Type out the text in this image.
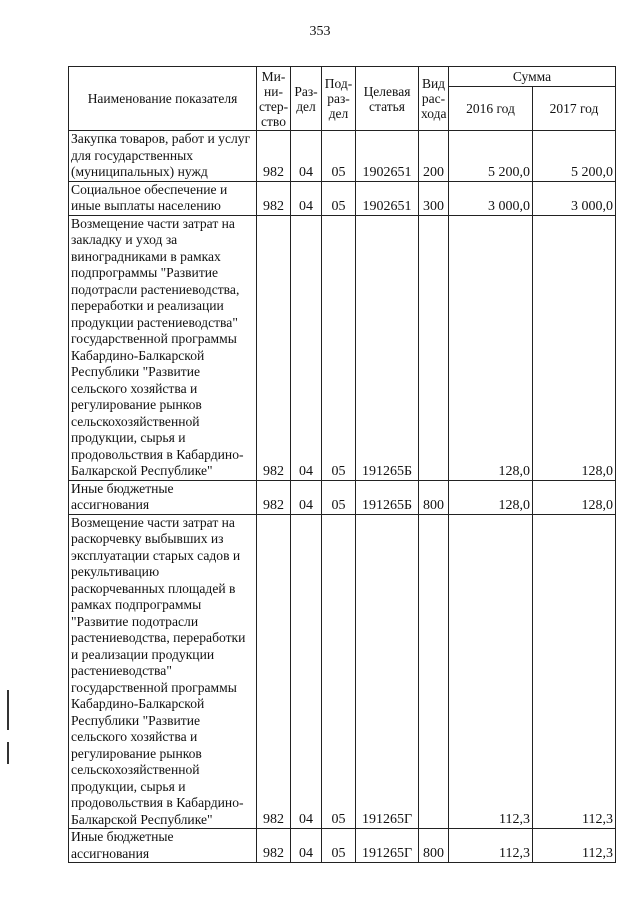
353
Наименование показателя	Ми-ни-стер-ство	Раз-дел	Под-раз-дел	Целевая статья	Вид рас-хода	Сумма	
						2016 год	2017 год
Закупка товаров, работ и услуг для государственных (муниципальных) нужд	982	04	05	1902651	200	5 200,0	5 200,0
Социальное обеспечение и иные выплаты населению	982	04	05	1902651	300	3 000,0	3 000,0
Возмещение части затрат на закладку и уход за виноградниками в рамках подпрограммы "Развитие подотрасли растениеводства, переработки и реализации продукции растениеводства" государственной программы Кабардино-Балкарской Республики "Развитие сельского хозяйства и регулирование рынков сельскохозяйственной продукции, сырья и продовольствия в Кабардино-Балкарской Республике"	982	04	05	191265Б		128,0	128,0
Иные бюджетные ассигнования	982	04	05	191265Б	800	128,0	128,0
Возмещение части затрат на раскорчевку выбывших из эксплуатации старых садов и рекультивацию раскорчеванных площадей в рамках подпрограммы "Развитие подотрасли растениеводства, переработки и реализации продукции растениеводства" государственной программы Кабардино-Балкарской Республики "Развитие сельского хозяйства и регулирование рынков сельскохозяйственной продукции, сырья и продовольствия в Кабардино-Балкарской Республике"	982	04	05	191265Г		112,3	112,3
Иные бюджетные ассигнования	982	04	05	191265Г	800	112,3	112,3
